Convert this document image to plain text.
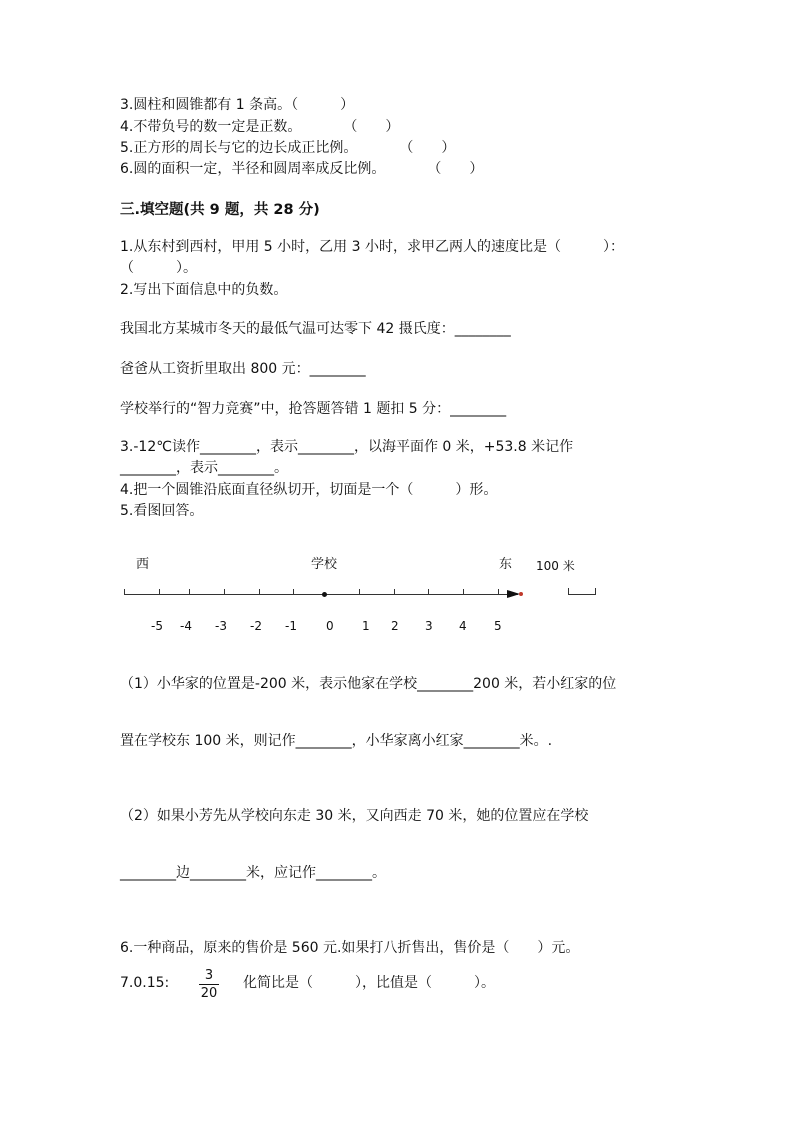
3.圆柱和圆锥都有 1 条高。（　　　）
4.不带负号的数一定是正数。　　　　（　　）
5.正方形的周长与它的边长成正比例。　　　　（　　）
6.圆的面积一定，半径和圆周率成反比例。　　　　（　　）
三.填空题(共 9 题，共 28 分)
1.从东村到西村，甲用 5 小时，乙用 3 小时，求甲乙两人的速度比是（　　　）：
（　　　）。
2.写出下面信息中的负数。
我国北方某城市冬天的最低气温可达零下 42 摄氏度：________
爸爸从工资折里取出 800 元：________
学校举行的“智力竞赛”中，抢答题答错 1 题扣 5 分：________
3.-12℃读作________，表示________，以海平面作 0 米，+53.8 米记作
________，表示________。
4.把一个圆锥沿底面直径纵切开，切面是一个（　　　）形。
5.看图回答。
西	学校	东 100 米
-5 -4 -3 -2 -1 0 1 2 3 4 5
（1）小华家的位置是-200 米，表示他家在学校________200 米，若小红家的位
置在学校东 100 米，则记作________，小华家离小红家________米。.
（2）如果小芳先从学校向东走 30 米，又向西走 70 米，她的位置应在学校
________边________米，应记作________。
6.一种商品，原来的售价是 560 元.如果打八折售出，售价是（　　）元。
7.0.15:	3
20
化简比是（　　　），比值是（　　　）。
